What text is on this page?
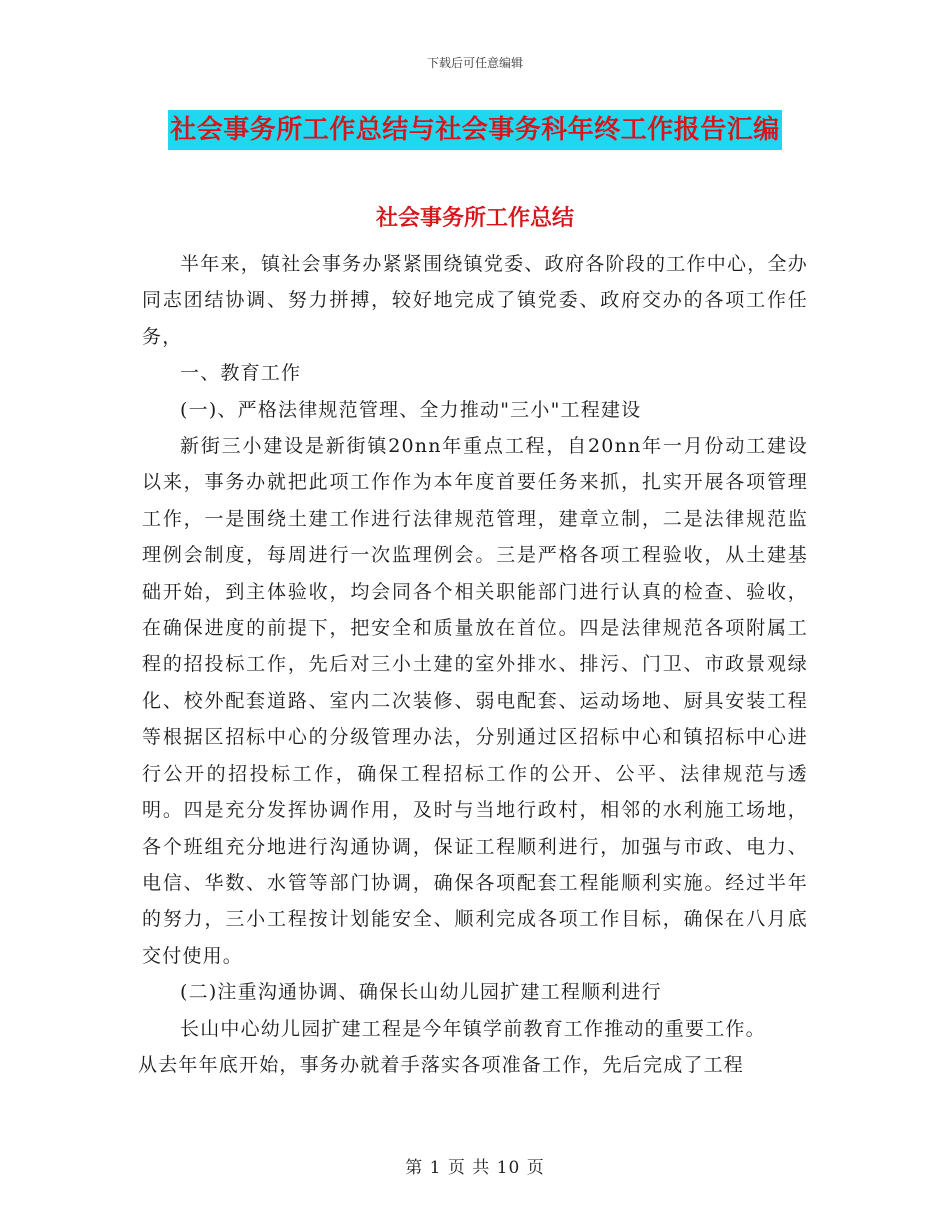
下载后可任意编辑
社会事务所工作总结与社会事务科年终工作报告汇编
社会事务所工作总结

半年来，镇社会事务办紧紧围绕镇党委、政府各阶段的工作中心，全办同志团结协调、努力拼搏，较好地完成了镇党委、政府交办的各项工作任务，

一、教育工作

(一)、严格法律规范管理、全力推动"三小"工程建设

新街三小建设是新街镇20nn年重点工程，自20nn年一月份动工建设以来，事务办就把此项工作作为本年度首要任务来抓，扎实开展各项管理工作，一是围绕土建工作进行法律规范管理，建章立制，二是法律规范监理例会制度，每周进行一次监理例会。三是严格各项工程验收，从土建基础开始，到主体验收，均会同各个相关职能部门进行认真的检查、验收，在确保进度的前提下，把安全和质量放在首位。四是法律规范各项附属工程的招投标工作，先后对三小土建的室外排水、排污、门卫、市政景观绿化、校外配套道路、室内二次装修、弱电配套、运动场地、厨具安装工程等根据区招标中心的分级管理办法，分别通过区招标中心和镇招标中心进行公开的招投标工作，确保工程招标工作的公开、公平、法律规范与透明。四是充分发挥协调作用，及时与当地行政村，相邻的水利施工场地，各个班组充分地进行沟通协调，保证工程顺利进行，加强与市政、电力、电信、华数、水管等部门协调，确保各项配套工程能顺利实施。经过半年的努力，三小工程按计划能安全、顺利完成各项工作目标，确保在八月底交付使用。

(二)注重沟通协调、确保长山幼儿园扩建工程顺利进行

长山中心幼儿园扩建工程是今年镇学前教育工作推动的重要工作。

从去年年底开始，事务办就着手落实各项准备工作，先后完成了工程

第 1 页 共 10 页
